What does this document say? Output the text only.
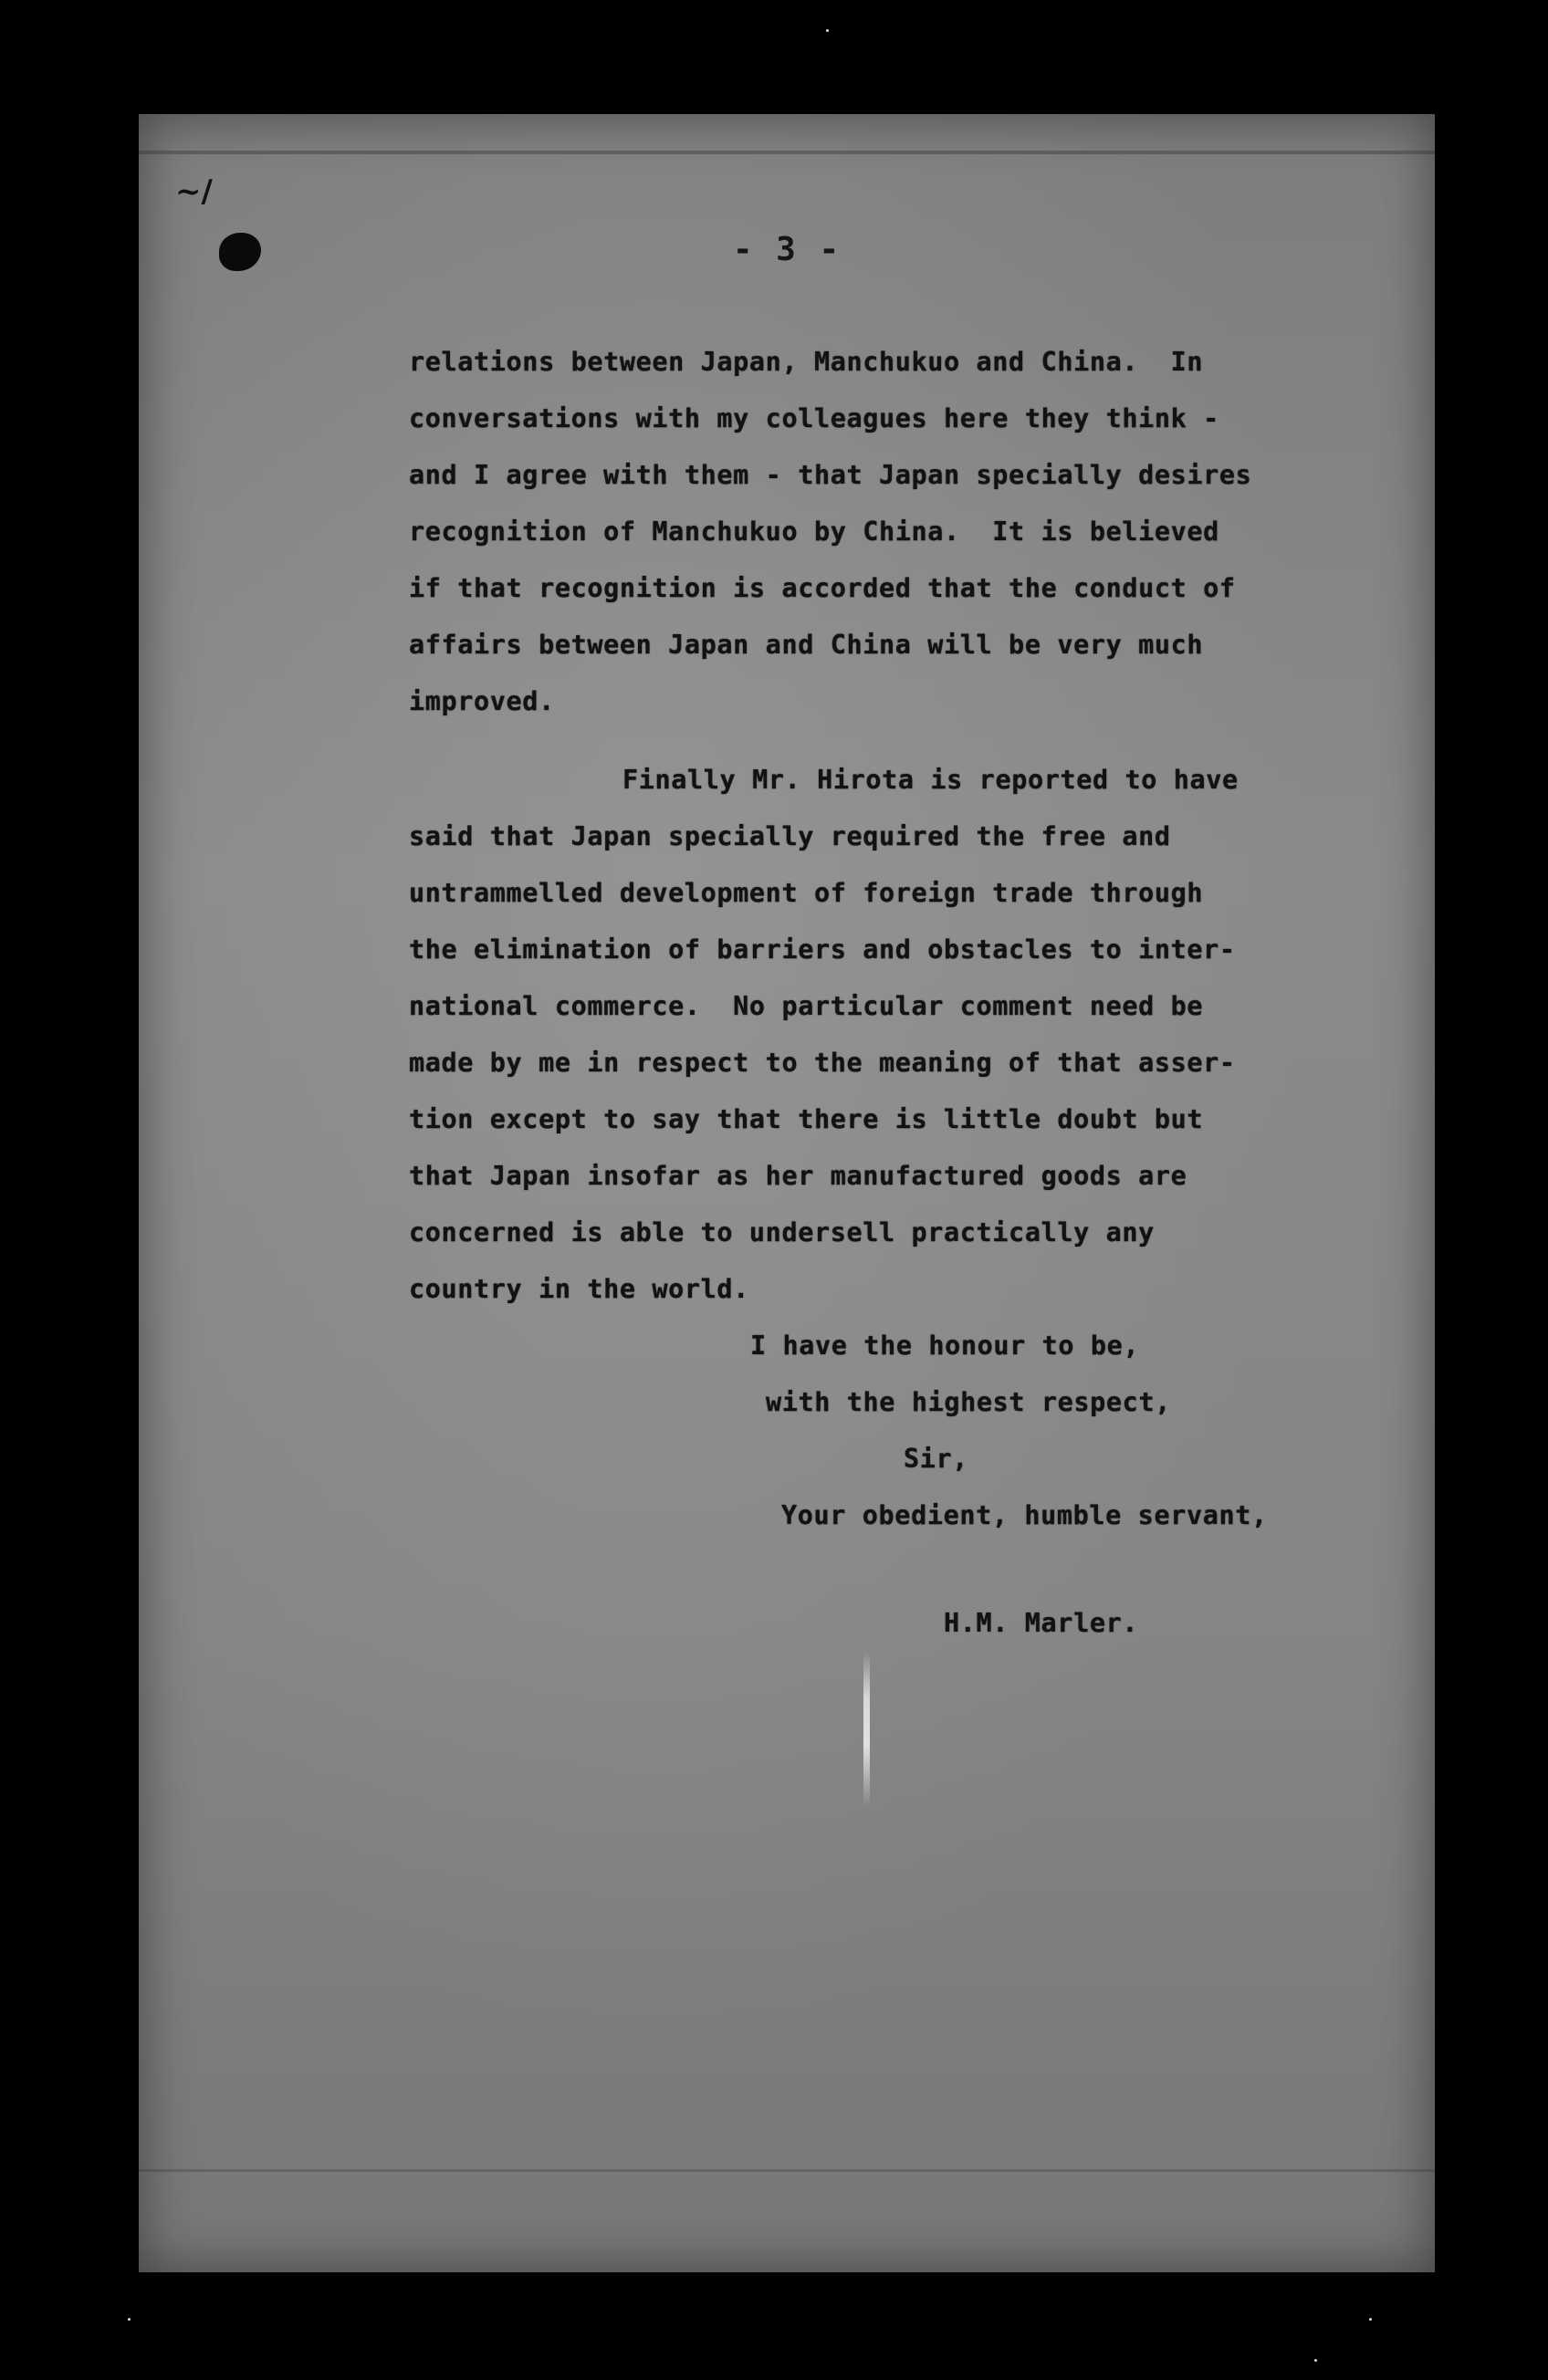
~/
- 3 -
relations between Japan, Manchukuo and China.  In
conversations with my colleagues here they think -
and I agree with them - that Japan specially desires
recognition of Manchukuo by China.  It is believed
if that recognition is accorded that the conduct of
affairs between Japan and China will be very much
improved.
Finally Mr. Hirota is reported to have
said that Japan specially required the free and
untrammelled development of foreign trade through
the elimination of barriers and obstacles to inter-
national commerce.  No particular comment need be
made by me in respect to the meaning of that asser-
tion except to say that there is little doubt but
that Japan insofar as her manufactured goods are
concerned is able to undersell practically any
country in the world.
I have the honour to be,
with the highest respect,
Sir,
Your obedient, humble servant,
H.M. Marler.
